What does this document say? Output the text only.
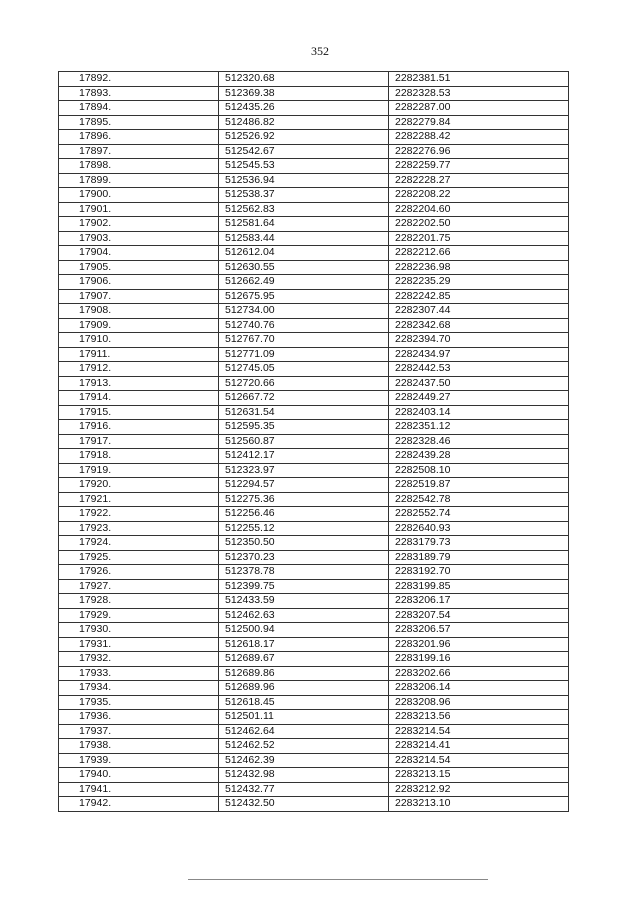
352
17892.	512320.68	2282381.51
17893.	512369.38	2282328.53
17894.	512435.26	2282287.00
17895.	512486.82	2282279.84
17896.	512526.92	2282288.42
17897.	512542.67	2282276.96
17898.	512545.53	2282259.77
17899.	512536.94	2282228.27
17900.	512538.37	2282208.22
17901.	512562.83	2282204.60
17902.	512581.64	2282202.50
17903.	512583.44	2282201.75
17904.	512612.04	2282212.66
17905.	512630.55	2282236.98
17906.	512662.49	2282235.29
17907.	512675.95	2282242.85
17908.	512734.00	2282307.44
17909.	512740.76	2282342.68
17910.	512767.70	2282394.70
17911.	512771.09	2282434.97
17912.	512745.05	2282442.53
17913.	512720.66	2282437.50
17914.	512667.72	2282449.27
17915.	512631.54	2282403.14
17916.	512595.35	2282351.12
17917.	512560.87	2282328.46
17918.	512412.17	2282439.28
17919.	512323.97	2282508.10
17920.	512294.57	2282519.87
17921.	512275.36	2282542.78
17922.	512256.46	2282552.74
17923.	512255.12	2282640.93
17924.	512350.50	2283179.73
17925.	512370.23	2283189.79
17926.	512378.78	2283192.70
17927.	512399.75	2283199.85
17928.	512433.59	2283206.17
17929.	512462.63	2283207.54
17930.	512500.94	2283206.57
17931.	512618.17	2283201.96
17932.	512689.67	2283199.16
17933.	512689.86	2283202.66
17934.	512689.96	2283206.14
17935.	512618.45	2283208.96
17936.	512501.11	2283213.56
17937.	512462.64	2283214.54
17938.	512462.52	2283214.41
17939.	512462.39	2283214.54
17940.	512432.98	2283213.15
17941.	512432.77	2283212.92
17942.	512432.50	2283213.10
